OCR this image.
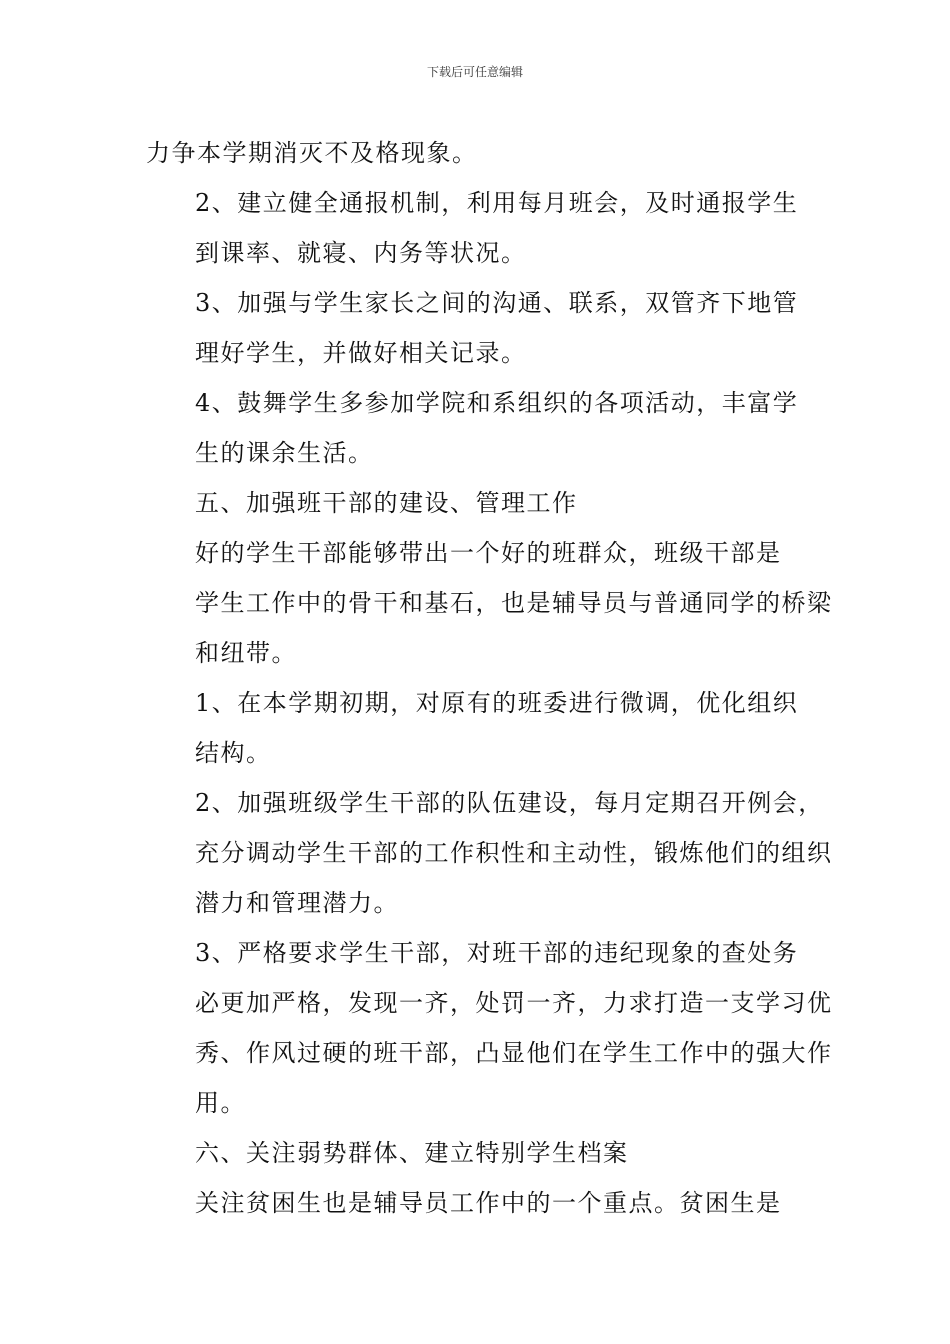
下载后可任意编辑

力争本学期消灭不及格现象。

2、建立健全通报机制，利用每月班会，及时通报学生
到课率、就寝、内务等状况。

3、加强与学生家长之间的沟通、联系，双管齐下地管
理好学生，并做好相关记录。

4、鼓舞学生多参加学院和系组织的各项活动，丰富学
生的课余生活。

五、加强班干部的建设、管理工作

好的学生干部能够带出一个好的班群众，班级干部是
学生工作中的骨干和基石，也是辅导员与普通同学的桥梁
和纽带。

1、在本学期初期，对原有的班委进行微调，优化组织
结构。

2、加强班级学生干部的队伍建设，每月定期召开例会，
充分调动学生干部的工作积性和主动性，锻炼他们的组织
潜力和管理潜力。

3、严格要求学生干部，对班干部的违纪现象的查处务
必更加严格，发现一齐，处罚一齐，力求打造一支学习优
秀、作风过硬的班干部，凸显他们在学生工作中的强大作
用。

六、关注弱势群体、建立特别学生档案

关注贫困生也是辅导员工作中的一个重点。贫困生是
